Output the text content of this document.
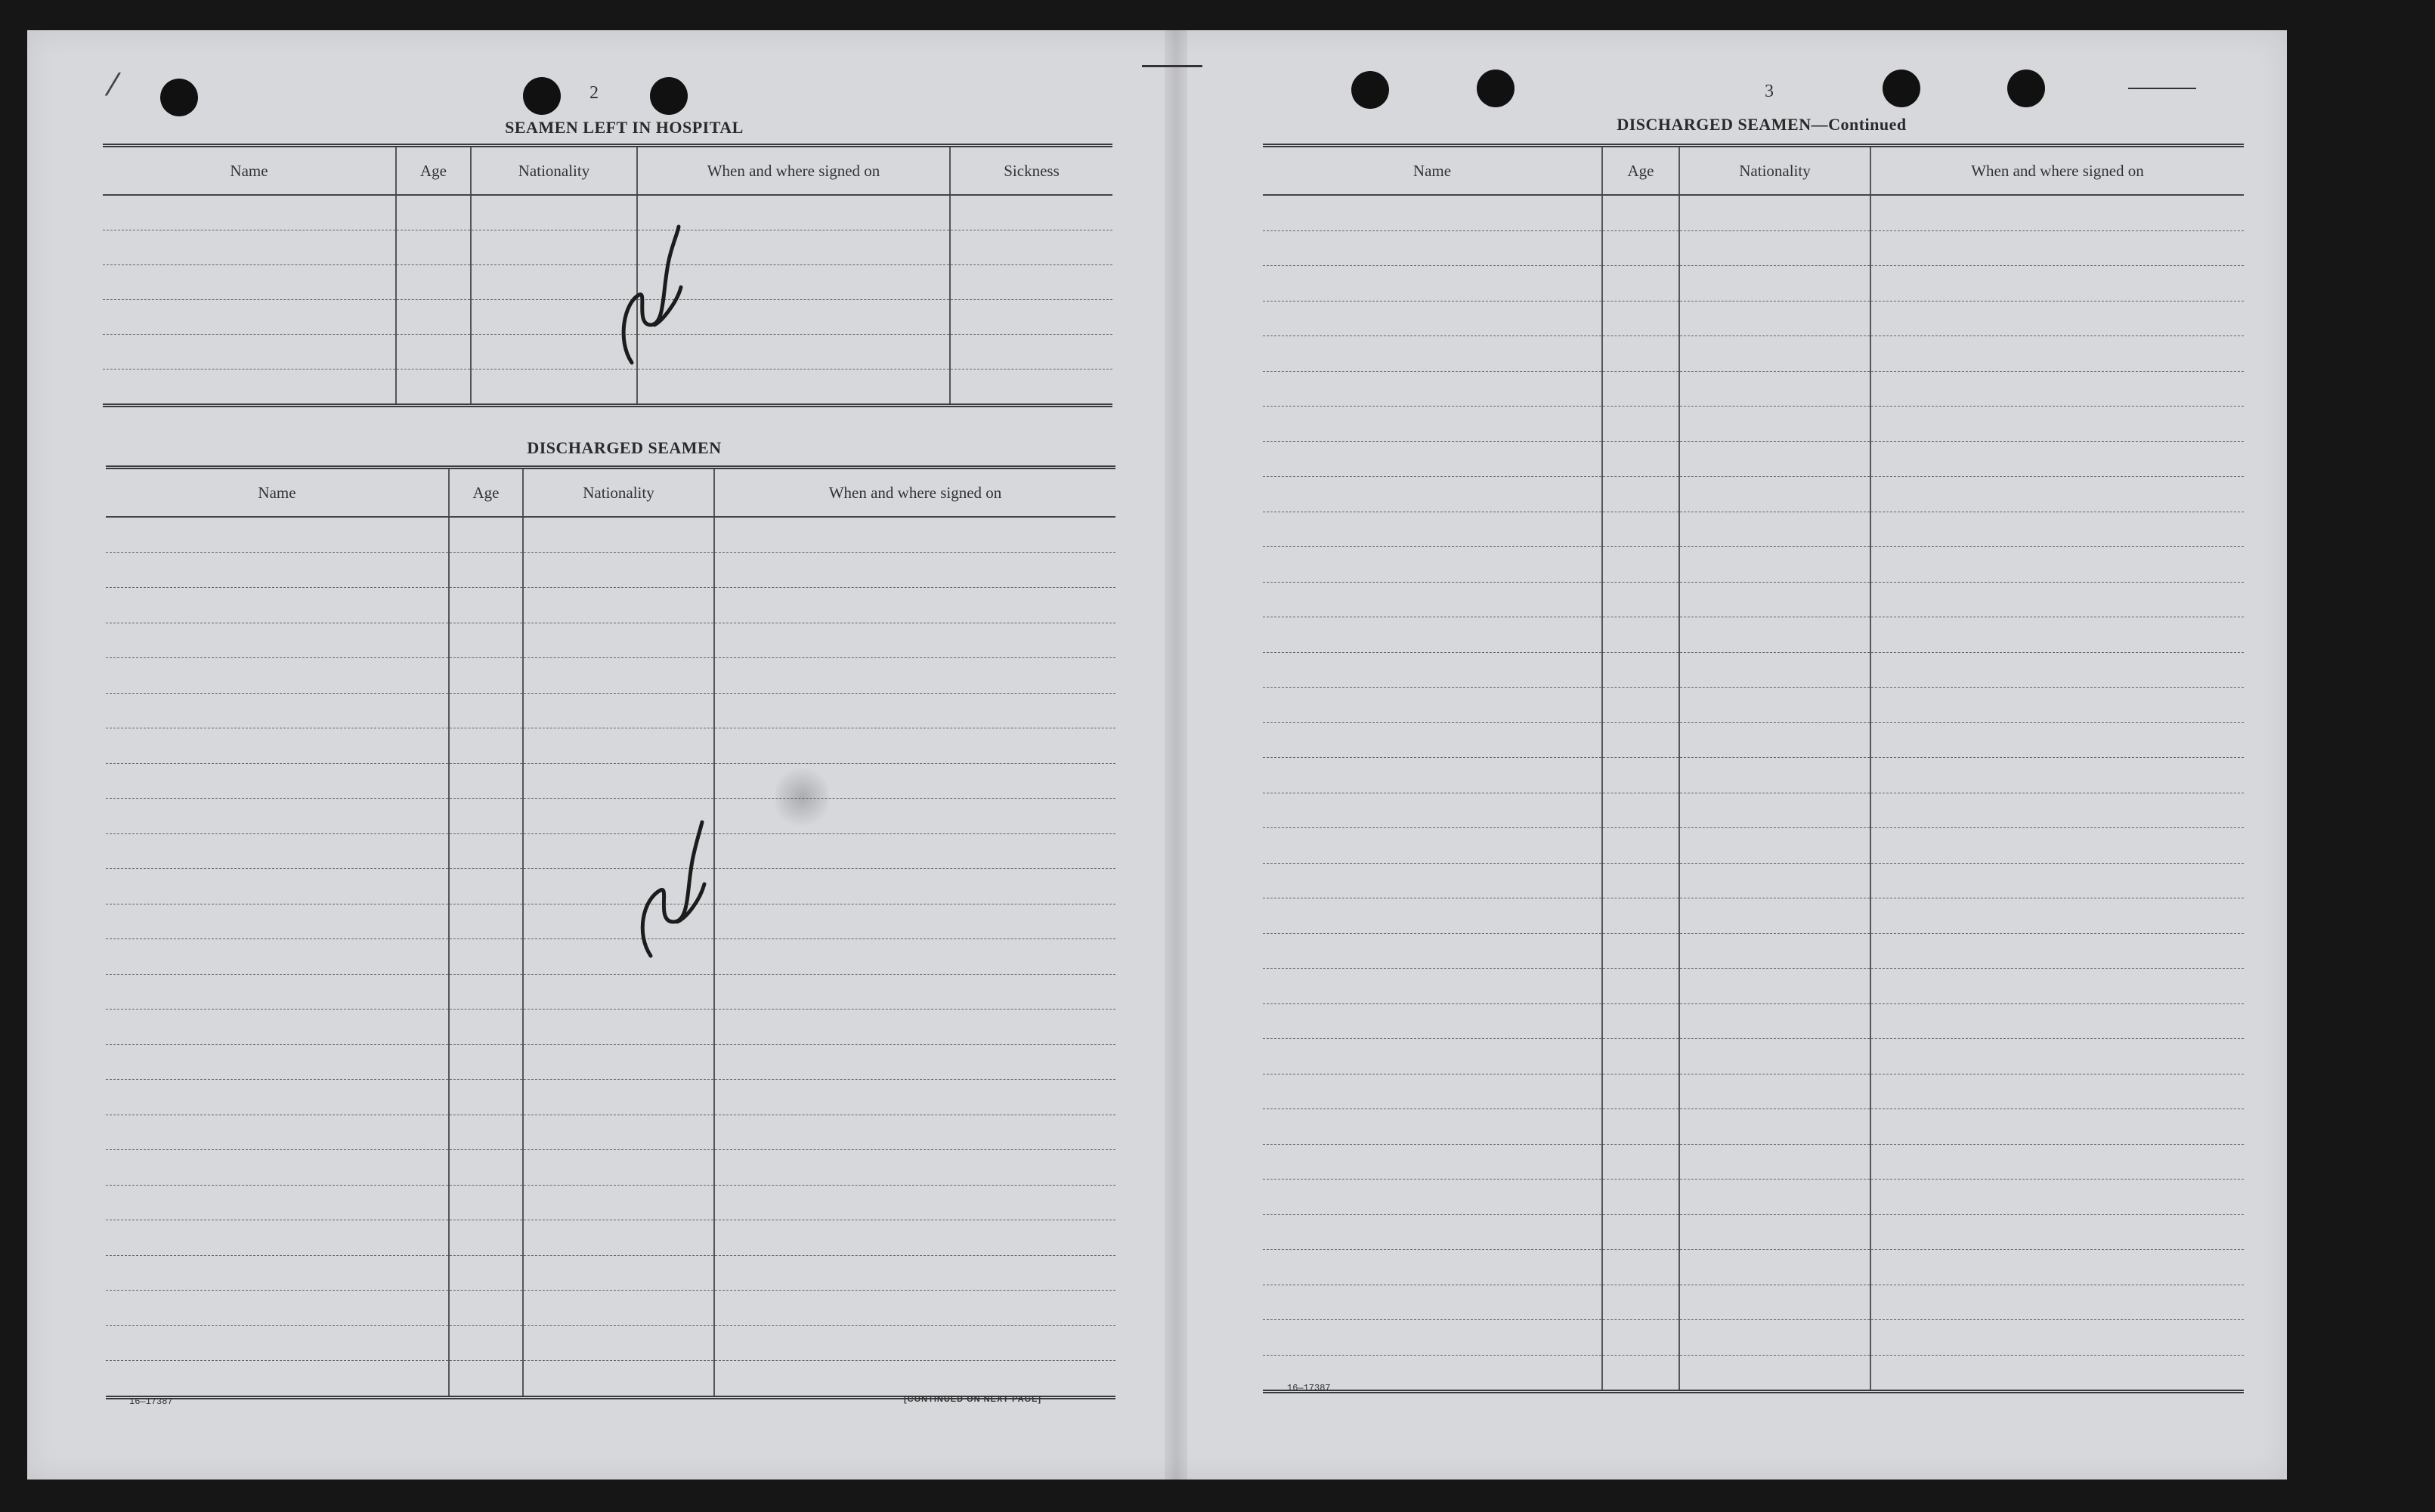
⁄	2
SEAMEN LEFT IN HOSPITAL
Name	Age	Nationality	When and where signed on	Sickness

DISCHARGED SEAMEN
Name	Age	Nationality	When and where signed on

16—17387	[CONTINUED ON NEXT PAGE]
3
DISCHARGED SEAMEN—Continued
Name	Age	Nationality	When and where signed on

16—17387
